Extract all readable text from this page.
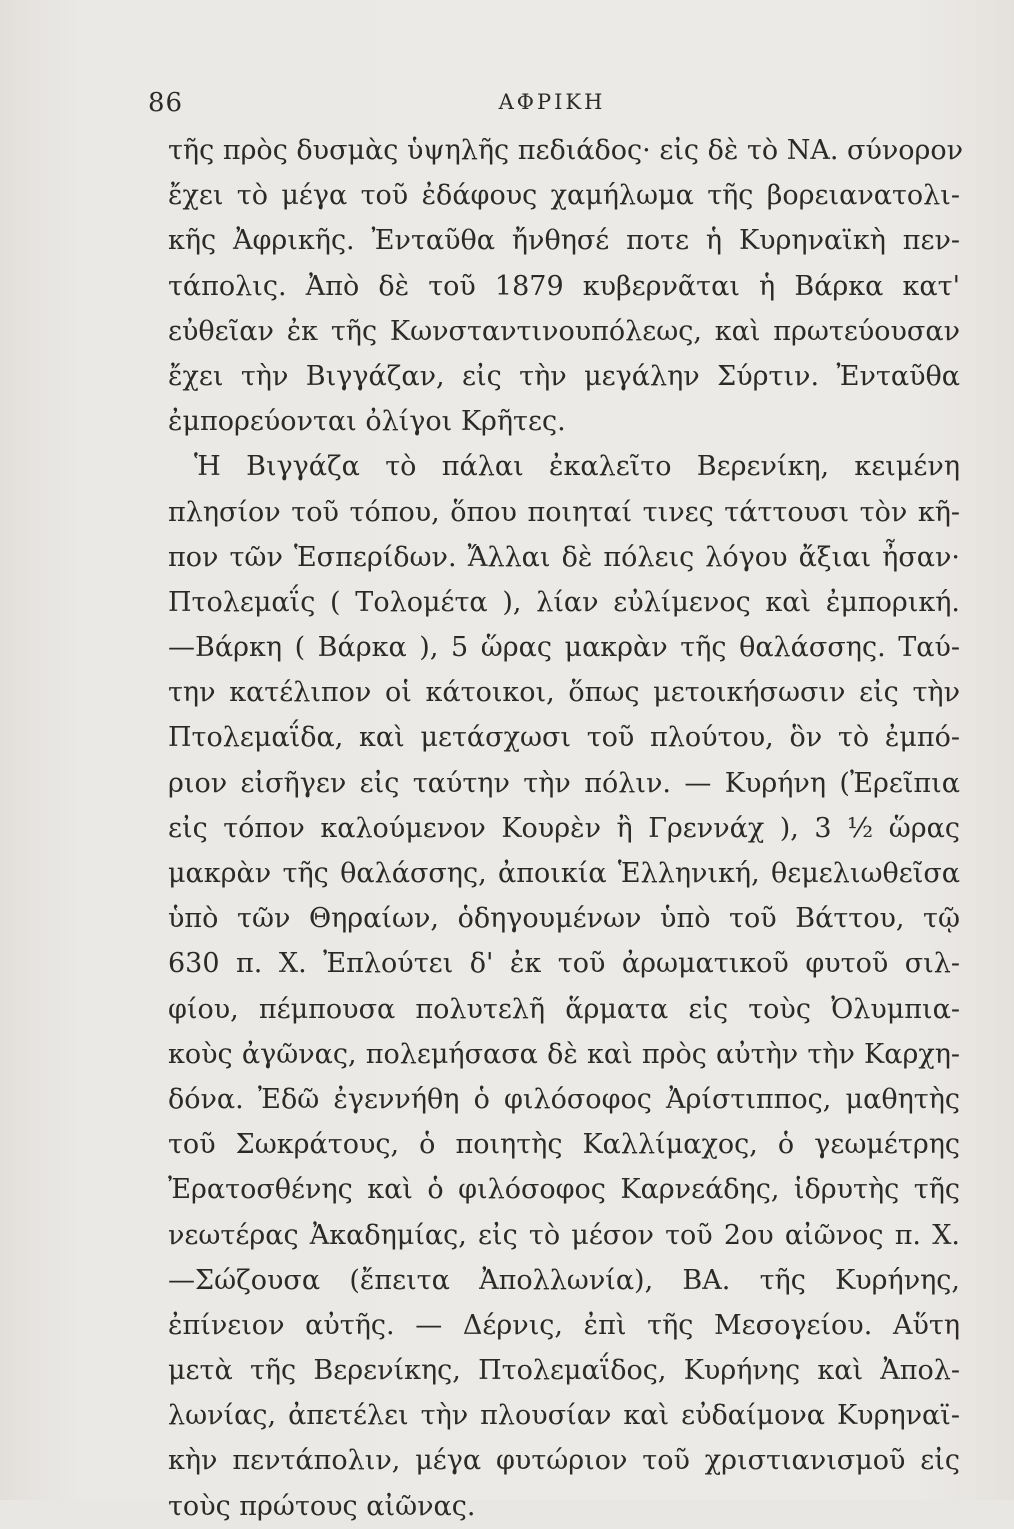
86	ΑΦΡΙΚΗ
τῆς πρὸς δυσμὰς ὑψηλῆς πεδιάδος· εἰς δὲ τὸ ΝΑ. σύνορον
ἔχει τὸ μέγα τοῦ ἐδάφους χαμήλωμα τῆς βορειανατολι-
κῆς Ἀφρικῆς. Ἐνταῦθα ἤνθησέ ποτε ἡ Κυρηναϊκὴ πεν-
τάπολις. Ἀπὸ δὲ τοῦ 1879 κυβερνᾶται ἡ Βάρκα κατ'
εὐθεῖαν ἐκ τῆς Κωνσταντινουπόλεως, καὶ πρωτεύουσαν
ἔχει τὴν Βιγγάζαν, εἰς τὴν μεγάλην Σύρτιν. Ἐνταῦθα
ἐμπορεύονται ὀλίγοι Κρῆτες.
Ἡ Βιγγάζα τὸ πάλαι ἐκαλεῖτο Βερενίκη, κειμένη
πλησίον τοῦ τόπου, ὅπου ποιηταί τινες τάττουσι τὸν κῆ-
πον τῶν Ἑσπερίδων. Ἄλλαι δὲ πόλεις λόγου ἄξιαι ἦσαν·
Πτολεμαΐς ( Τολομέτα ), λίαν εὐλίμενος καὶ ἐμπορική.
—Βάρκη ( Βάρκα ), 5 ὥρας μακρὰν τῆς θαλάσσης. Ταύ-
την κατέλιπον οἱ κάτοικοι, ὅπως μετοικήσωσιν εἰς τὴν
Πτολεμαΐδα, καὶ μετάσχωσι τοῦ πλούτου, ὃν τὸ ἐμπό-
ριον εἰσῆγεν εἰς ταύτην τὴν πόλιν. — Κυρήνη (Ἐρεῖπια
εἰς τόπον καλούμενον Κουρὲν ἢ Γρεννάχ ), 3 ½ ὥρας
μακρὰν τῆς θαλάσσης, ἀποικία Ἑλληνική, θεμελιωθεῖσα
ὑπὸ τῶν Θηραίων, ὁδηγουμένων ὑπὸ τοῦ Βάττου, τῷ
630 π. Χ. Ἐπλούτει δ' ἐκ τοῦ ἀρωματικοῦ φυτοῦ σιλ-
φίου, πέμπουσα πολυτελῆ ἅρματα εἰς τοὺς Ὀλυμπια-
κοὺς ἀγῶνας, πολεμήσασα δὲ καὶ πρὸς αὐτὴν τὴν Καρχη-
δόνα. Ἐδῶ ἐγεννήθη ὁ φιλόσοφος Ἀρίστιππος, μαθητὴς
τοῦ Σωκράτους, ὁ ποιητὴς Καλλίμαχος, ὁ γεωμέτρης
Ἐρατοσθένης καὶ ὁ φιλόσοφος Καρνεάδης, ἱδρυτὴς τῆς
νεωτέρας Ἀκαδημίας, εἰς τὸ μέσον τοῦ 2ου αἰῶνος π. Χ.
—Σώζουσα (ἔπειτα Ἀπολλωνία), ΒΑ. τῆς Κυρήνης,
ἐπίνειον αὐτῆς. — Δέρνις, ἐπὶ τῆς Μεσογείου. Αὕτη
μετὰ τῆς Βερενίκης, Πτολεμαΐδος, Κυρήνης καὶ Ἀπολ-
λωνίας, ἀπετέλει τὴν πλουσίαν καὶ εὐδαίμονα Κυρηναϊ-
κὴν πεντάπολιν, μέγα φυτώριον τοῦ χριστιανισμοῦ εἰς
τοὺς πρώτους αἰῶνας.
